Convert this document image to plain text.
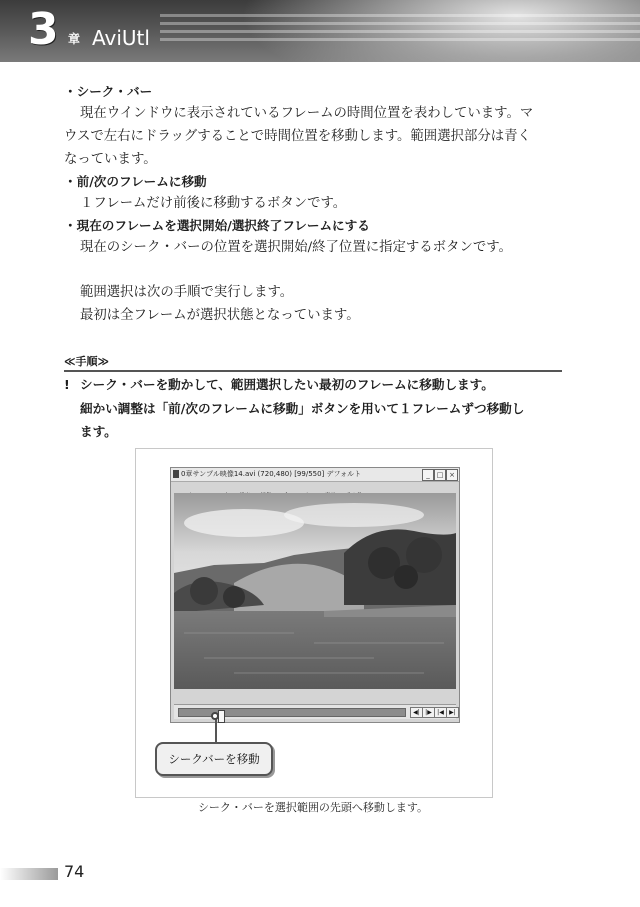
3 章 AviUtl
・シーク・バー
現在ウインドウに表示されているフレームの時間位置を表わしています。マ
ウスで左右にドラッグすることで時間位置を移動します。範囲選択部分は青く
なっています。
・前/次のフレームに移動
１フレームだけ前後に移動するボタンです。
・現在のフレームを選択開始/選択終了フレームにする
現在のシーク・バーの位置を選択開始/終了位置に指定するボタンです。
範囲選択は次の手順で実行します。
最初は全フレームが選択状態となっています。
≪手順≫
! シーク・バーを動かして、範囲選択したい最初のフレームに移動します。
細かい調整は「前/次のフレームに移動」ボタンを用いて１フレームずつ移動し
ます。
0章サンプル映像14.avi (720,480) [99/550] デフォルト	_ □ ×
◀| |▶ |◀ ▶|
シークバーを移動
シーク・バーを選択範囲の先頭へ移動します。
74
